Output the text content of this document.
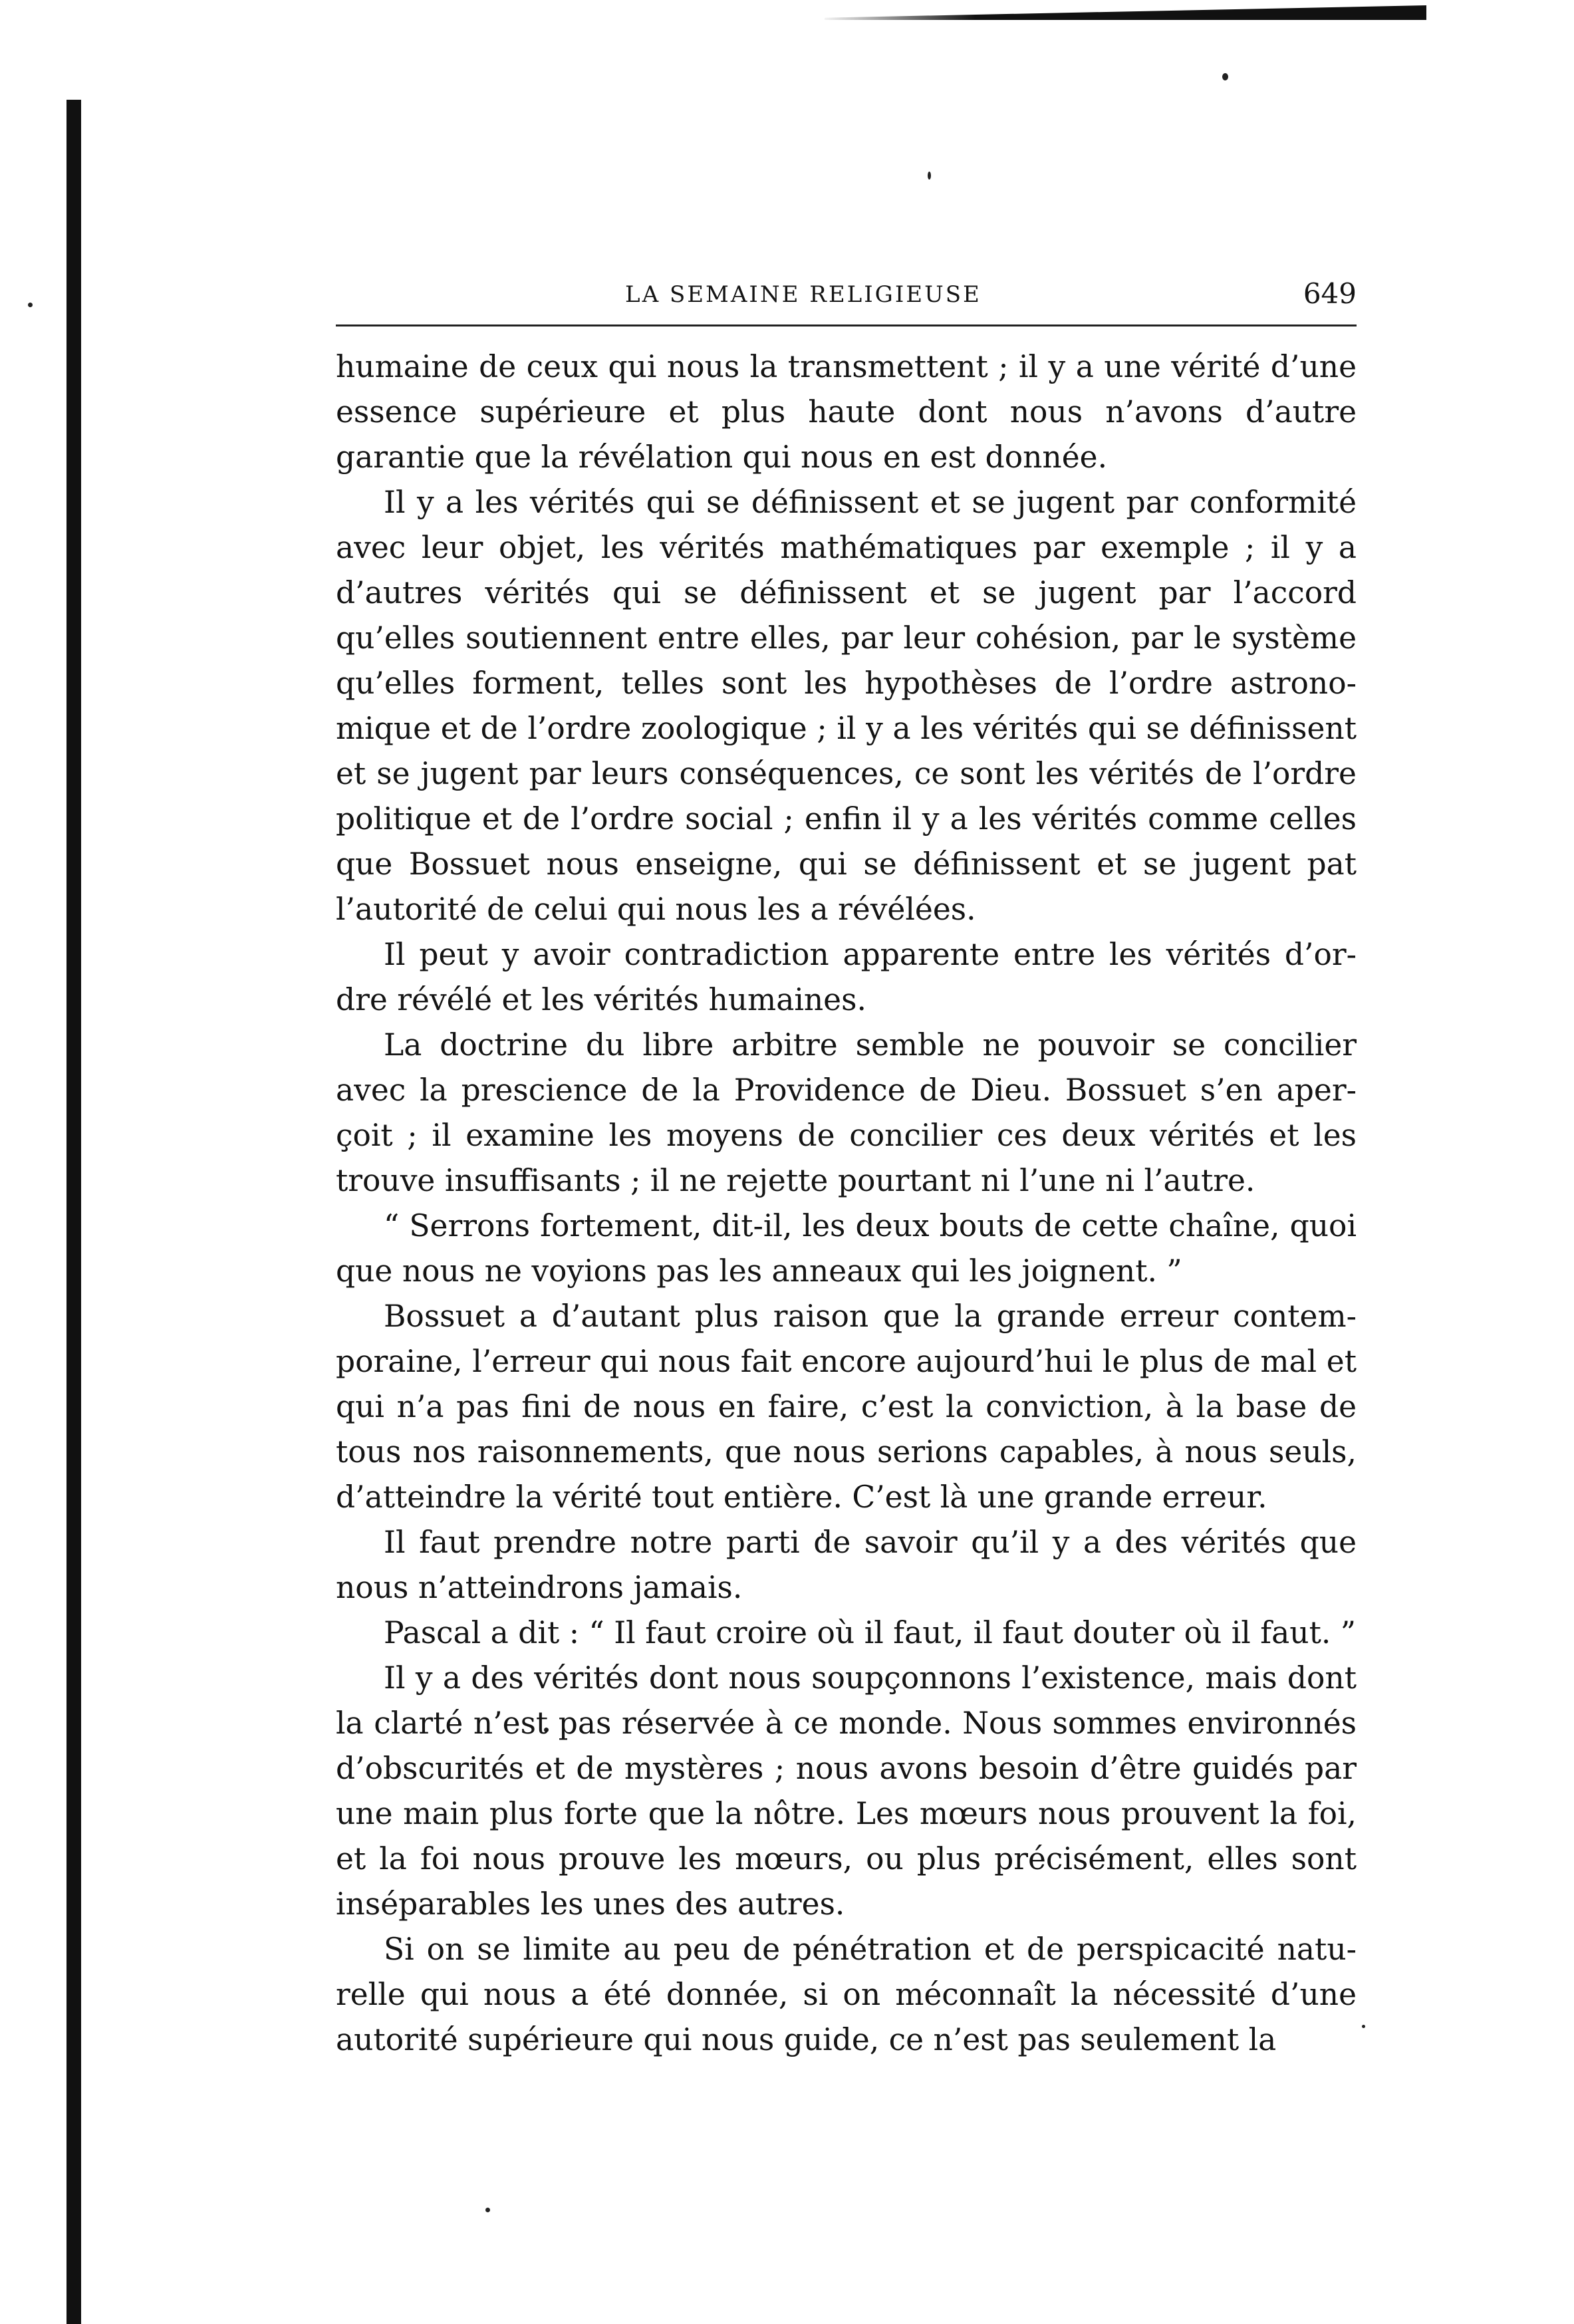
LA SEMAINE RELIGIEUSE	649

humaine de ceux qui nous la transmettent ; il y a une vérité d’une essence supérieure et plus haute dont nous n’avons d’autre garantie que la révélation qui nous en est donnée.

Il y a les vérités qui se définissent et se jugent par conformité avec leur objet, les vérités mathématiques par exemple ; il y a d’autres vérités qui se définissent et se jugent par l’accord qu’elles soutiennent entre elles, par leur cohésion, par le système qu’elles forment, telles sont les hypothèses de l’ordre astronomique et de l’ordre zoologique ; il y a les vérités qui se définissent et se jugent par leurs conséquences, ce sont les vérités de l’ordre politique et de l’ordre social ; enfin il y a les vérités comme celles que Bossuet nous enseigne, qui se définissent et se jugent pat l’autorité de celui qui nous les a révélées.

Il peut y avoir contradiction apparente entre les vérités d’ordre révélé et les vérités humaines.

La doctrine du libre arbitre semble ne pouvoir se concilier avec la prescience de la Providence de Dieu. Bossuet s’en aperçoit ; il examine les moyens de concilier ces deux vérités et les trouve insuffisants ; il ne rejette pourtant ni l’une ni l’autre.

“ Serrons fortement, dit-il, les deux bouts de cette chaîne, quoi que nous ne voyions pas les anneaux qui les joignent. ”

Bossuet a d’autant plus raison que la grande erreur contemporaine, l’erreur qui nous fait encore aujourd’hui le plus de mal et qui n’a pas fini de nous en faire, c’est la conviction, à la base de tous nos raisonnements, que nous serions capables, à nous seuls, d’atteindre la vérité tout entière. C’est là une grande erreur.

Il faut prendre notre parti de savoir qu’il y a des vérités que nous n’atteindrons jamais.

Pascal a dit : “ Il faut croire où il faut, il faut douter où il faut. ”

Il y a des vérités dont nous soupçonnons l’existence, mais dont la clarté n’est pas réservée à ce monde. Nous sommes environnés d’obscurités et de mystères ; nous avons besoin d’être guidés par une main plus forte que la nôtre. Les mœurs nous prouvent la foi, et la foi nous prouve les mœurs, ou plus précisément, elles sont inséparables les unes des autres.

Si on se limite au peu de pénétration et de perspicacité naturelle qui nous a été donnée, si on méconnaît la nécessité d’une autorité supérieure qui nous guide, ce n’est pas seulement la
